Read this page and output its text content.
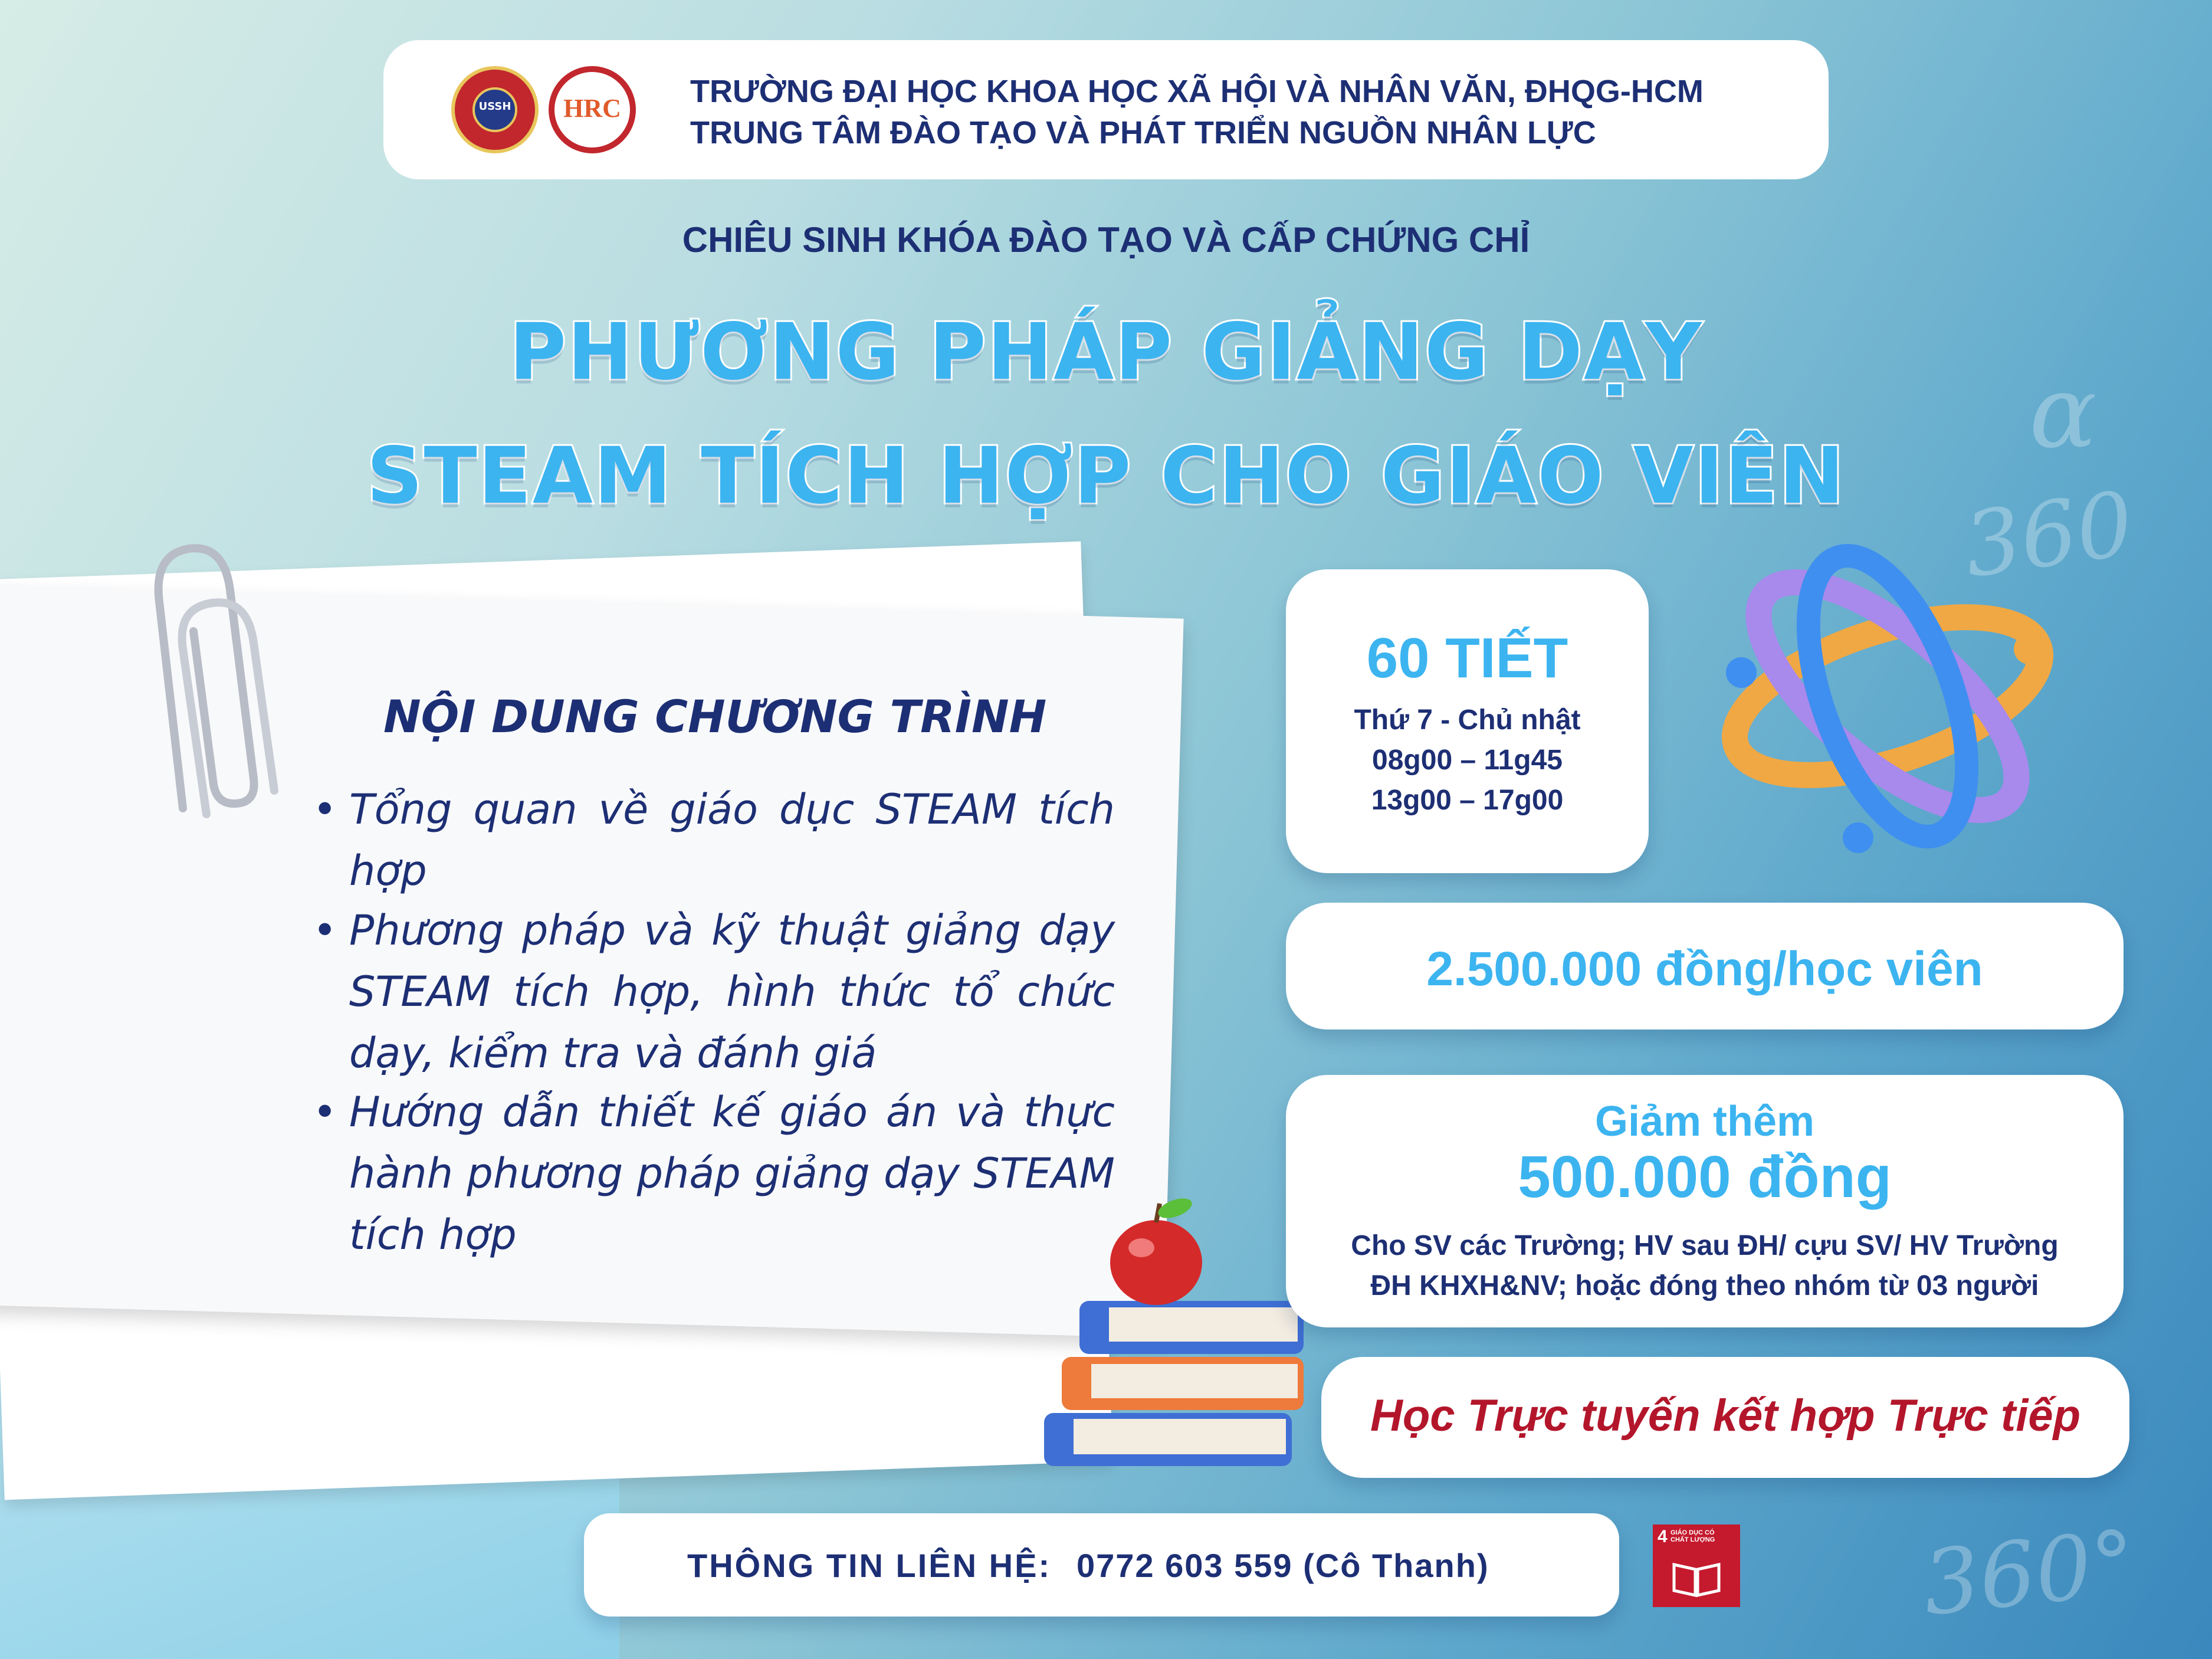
360
α
360°
USSH	HRC TRƯỜNG ĐẠI HỌC KHOA HỌC XÃ HỘI VÀ NHÂN VĂN, ĐHQG-HCM
TRUNG TÂM ĐÀO TẠO VÀ PHÁT TRIỂN NGUỒN NHÂN LỰC
CHIÊU SINH KHÓA ĐÀO TẠO VÀ CẤP CHỨNG CHỈ
PHƯƠNG PHÁP GIẢNG DẠY
STEAM TÍCH HỢP CHO GIÁO VIÊN
NỘI DUNG CHƯƠNG TRÌNH
• Tổng quan về giáo dục STEAM tích hợp
• Phương pháp và kỹ thuật giảng dạy STEAM tích hợp, hình thức tổ chức dạy, kiểm tra và đánh giá
• Hướng dẫn thiết kế giáo án và thực hành phương pháp giảng dạy STEAM tích hợp
60 TIẾT
Thứ 7 - Chủ nhật
08g00 – 11g45
13g00 – 17g00
2.500.000 đồng/học viên
Giảm thêm
500.000 đồng
Cho SV các Trường; HV sau ĐH/ cựu SV/ HV Trường
ĐH KHXH&NV; hoặc đóng theo nhóm từ 03 người
Học Trực tuyến kết hợp Trực tiếp
THÔNG TIN LIÊN HỆ: 0772 603 559 (Cô Thanh)
4 GIÁO DỤC CÓ CHẤT LƯỢNG
